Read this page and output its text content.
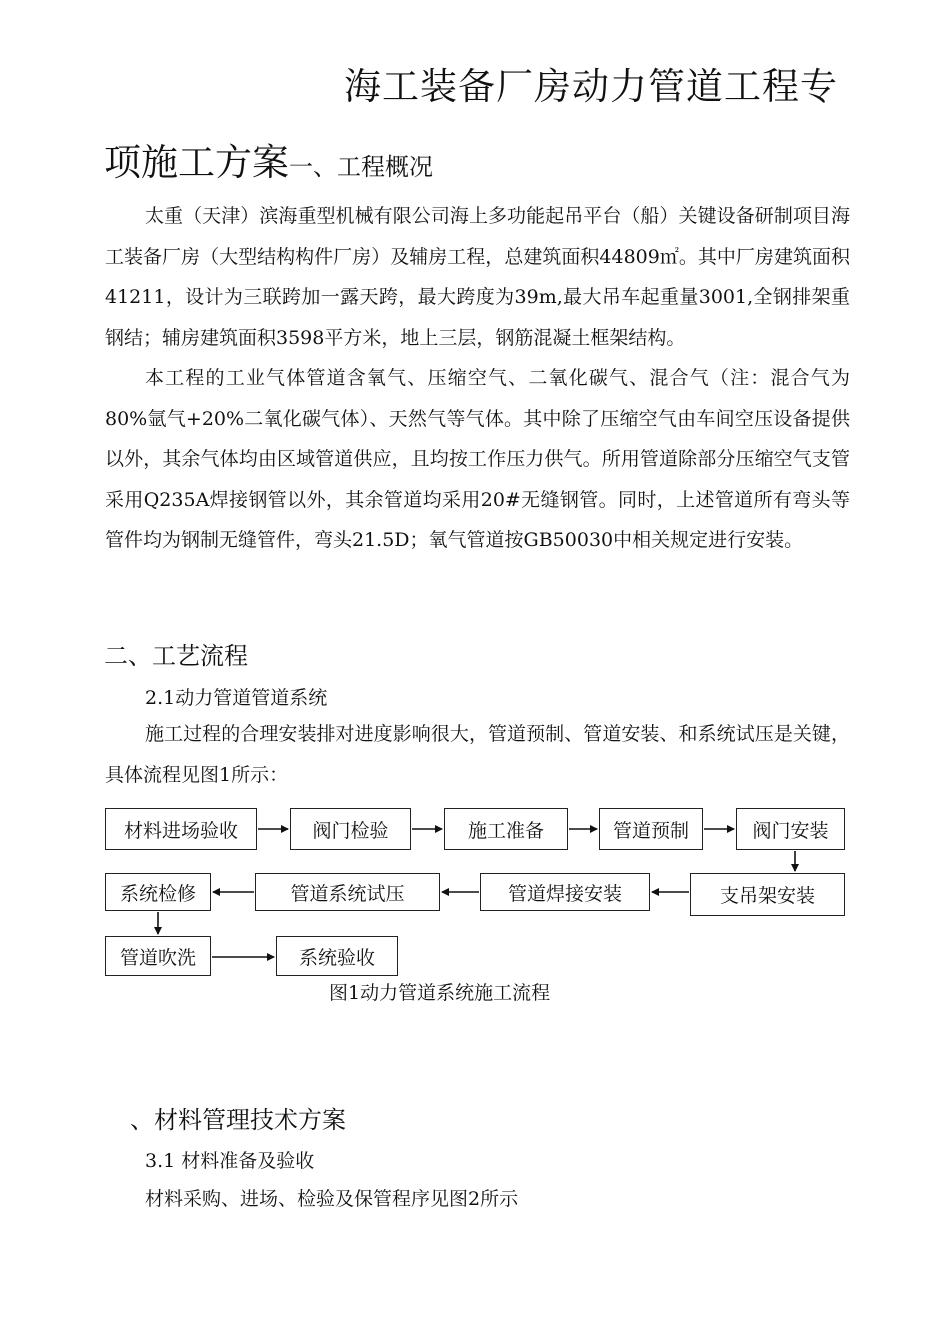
海工装备厂房动力管道工程专
项施工方案一、工程概况

太重（天津）滨海重型机械有限公司海上多功能起吊平台（船）关键设备研制项目海工装备厂房（大型结构构件厂房）及辅房工程，总建筑面积44809㎡。其中厂房建筑面积41211，设计为三联跨加一露天跨，最大跨度为39m,最大吊车起重量3001,全钢排架重钢结；辅房建筑面积3598平方米，地上三层，钢筋混凝土框架结构。

本工程的工业气体管道含氧气、压缩空气、二氧化碳气、混合气（注：混合气为80%氩气+20%二氧化碳气体）、天然气等气体。其中除了压缩空气由车间空压设备提供以外，其余气体均由区域管道供应，且均按工作压力供气。所用管道除部分压缩空气支管采用Q235A焊接钢管以外，其余管道均采用20#无缝钢管。同时，上述管道所有弯头等管件均为钢制无缝管件，弯头21.5D；氧气管道按GB50030中相关规定进行安装。

二、工艺流程
2.1动力管道管道系统

施工过程的合理安装排对进度影响很大，管道预制、管道安装、和系统试压是关键，具体流程见图1所示：

材料进场验收	阀门检验	施工准备	管道预制	阀门安装
支吊架安装
管道焊接安装
管道系统试压
系统检修
管道吹洗	系统验收
图1动力管道系统施工流程
、材料管理技术方案
3.1 材料准备及验收
材料采购、进场、检验及保管程序见图2所示
